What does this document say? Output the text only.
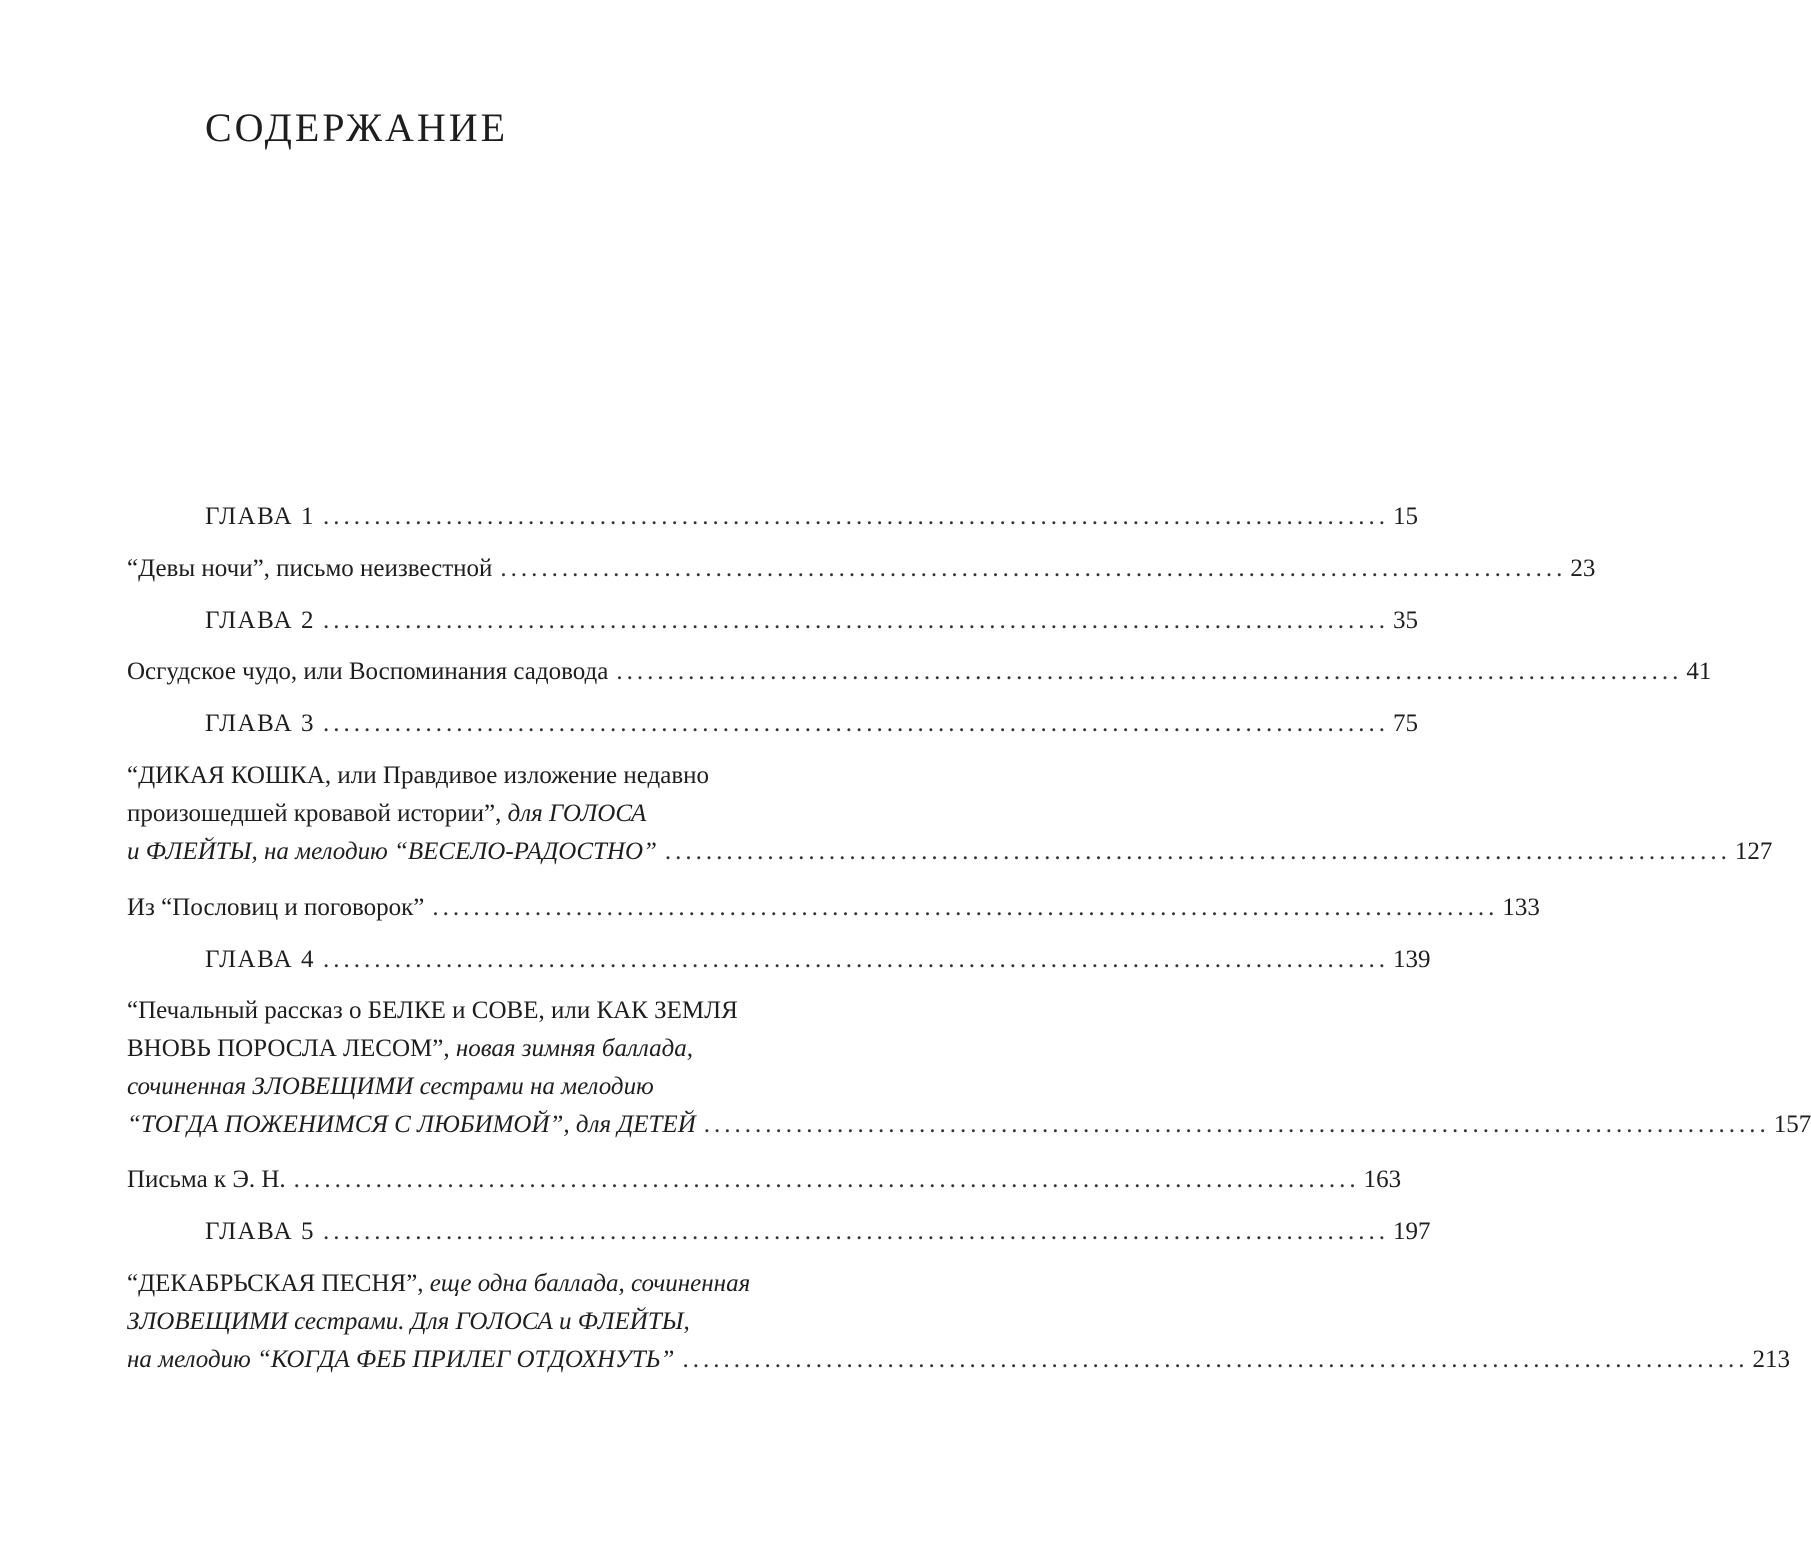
СОДЕРЖАНИЕ
ГЛАВА 1 ........................................................................................................ 15
“Девы ночи”, письмо неизвестной ........................................................................................................ 23
ГЛАВА 2 ........................................................................................................ 35
Осгудское чудо, или Воспоминания садовода ........................................................................................................ 41
ГЛАВА 3 ........................................................................................................ 75
“ДИКАЯ КОШКА, или Правдивое изложение недавно
произошедшей кровавой истории”, для ГОЛОСА
и ФЛЕЙТЫ, на мелодию “ВЕСЕЛО-РАДОСТНО” ........................................................................................................ 127
Из “Пословиц и поговорок” ........................................................................................................ 133
ГЛАВА 4 ........................................................................................................ 139
“Печальный рассказ о БЕЛКЕ и СОВЕ, или КАК ЗЕМЛЯ
ВНОВЬ ПОРОСЛА ЛЕСОМ”, новая зимняя баллада,
сочиненная ЗЛОВЕЩИМИ сестрами на мелодию
“ТОГДА ПОЖЕНИМСЯ С ЛЮБИМОЙ”, для ДЕТЕЙ ........................................................................................................ 157
Письма к Э. Н. ........................................................................................................ 163
ГЛАВА 5 ........................................................................................................ 197
“ДЕКАБРЬСКАЯ ПЕСНЯ”, еще одна баллада, сочиненная
ЗЛОВЕЩИМИ сестрами. Для ГОЛОСА и ФЛЕЙТЫ,
на мелодию “КОГДА ФЕБ ПРИЛЕГ ОТДОХНУТЬ” ........................................................................................................ 213
